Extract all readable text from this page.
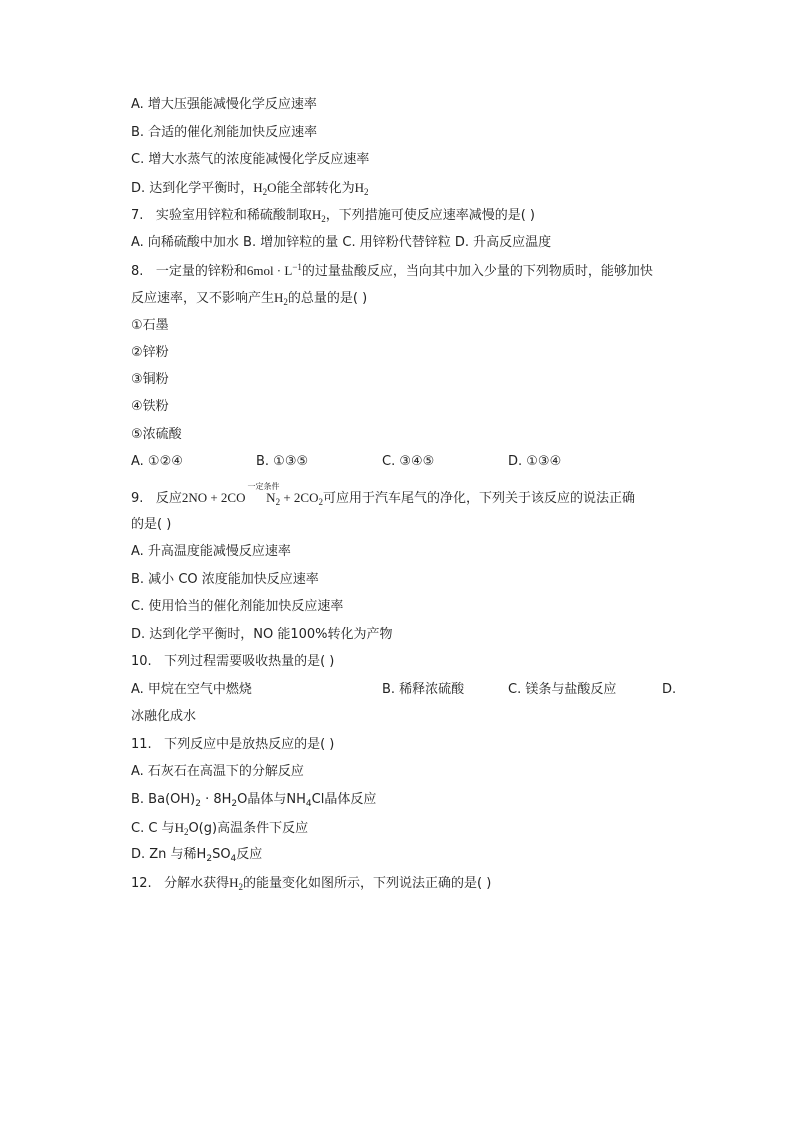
A. 增大压强能减慢化学反应速率
B. 合适的催化剂能加快反应速率
C. 增大水蒸气的浓度能减慢化学反应速率
D. 达到化学平衡时，$H_2O$能全部转化为$H_2$
7. 实验室用锌粒和稀硫酸制取$H_2$，下列措施可使反应速率减慢的是( )
A. 向稀硫酸中加水 B. 增加锌粒的量 C. 用锌粉代替锌粒 D. 升高反应温度
8. 一定量的锌粉和$6mol \cdot L^{-1}$的过量盐酸反应，当向其中加入少量的下列物质时，能够加快
反应速率，又不影响产生$H_2$的总量的是( )
①石墨
②锌粉
③铜粉
④铁粉
⑤浓硫酸
A. ①②④	B. ①③⑤	C. ③④⑤	D. ①③④
9. 反应2NO + 2CO
一定条件
$N_2 + 2CO_2$可应用于汽车尾气的净化，下列关于该反应的说法正确
的是( )
A. 升高温度能减慢反应速率
B. 减小 CO 浓度能加快反应速率
C. 使用恰当的催化剂能加快反应速率
D. 达到化学平衡时，NO 能100%转化为产物
10. 下列过程需要吸收热量的是( )
A. 甲烷在空气中燃烧	B. 稀释浓硫酸	C. 镁条与盐酸反应	D.
冰融化成水
11. 下列反应中是放热反应的是( )
A. 石灰石在高温下的分解反应
B. $Ba(OH)_2 \cdot 8H_2O$晶体与$NH_4Cl$晶体反应
C. C 与$H_2O(g)$高温条件下反应
D. Zn 与稀$H_2SO_4$反应
12. 分解水获得$H_2$的能量变化如图所示，下列说法正确的是( )
